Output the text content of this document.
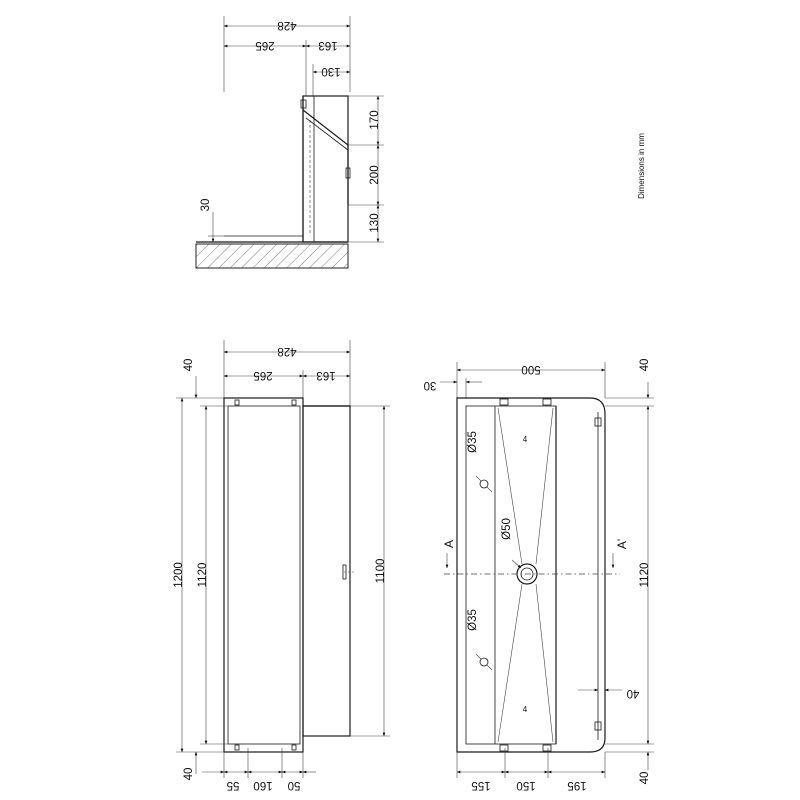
428
265	163
130
170
200
130
30
Dimensions in mm
428
265	163
1200 1120
40
40
1100
55 160 50
500
30
4
4
Ø50
Ø35
Ø35
A	A'
1120
40
40
40
155 150	195
